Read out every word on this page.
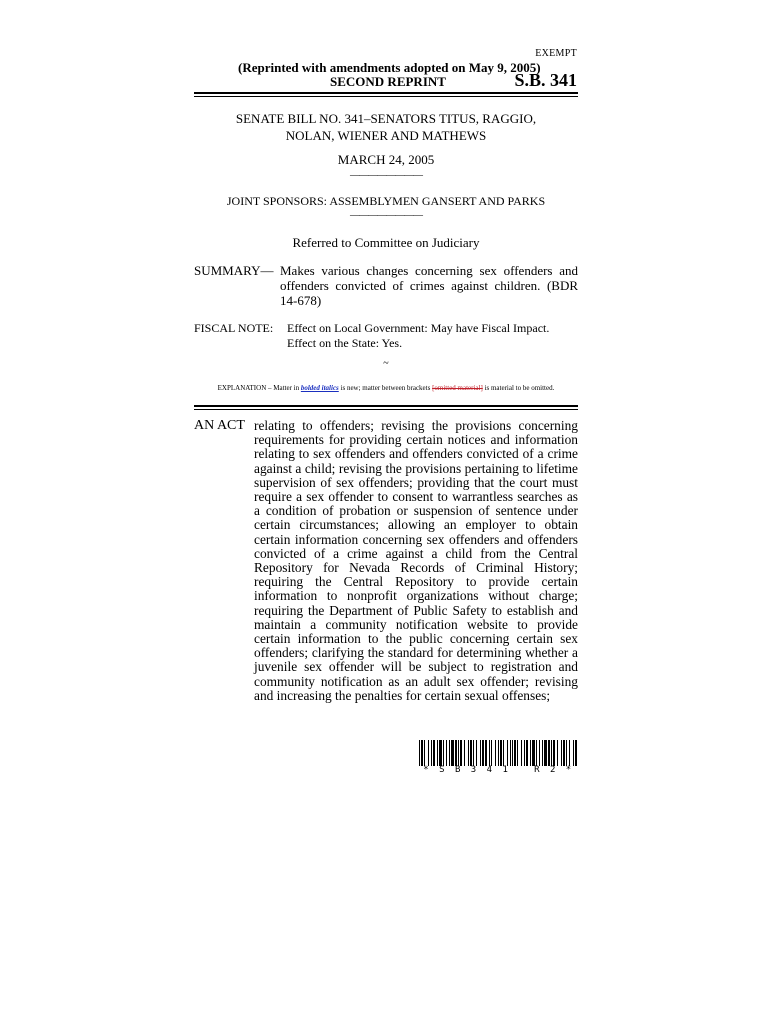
EXEMPT
(Reprinted with amendments adopted on May 9, 2005)
SECOND REPRINT	S.B. 341
SENATE BILL NO. 341–SENATORS TITUS, RAGGIO,
NOLAN, WIENER AND MATHEWS
MARCH 24, 2005
————————
JOINT SPONSORS: ASSEMBLYMEN GANSERT AND PARKS
————————
Referred to Committee on Judiciary
SUMMARY— Makes various changes concerning sex offenders and offenders convicted of crimes against children. (BDR 14-678)
FISCAL NOTE: Effect on Local Government: May have Fiscal Impact.
Effect on the State: Yes.
~
EXPLANATION – Matter in bolded italics is new; matter between brackets [omitted material] is material to be omitted.
AN ACT relating to offenders; revising the provisions concerning requirements for providing certain notices and information relating to sex offenders and offenders convicted of a crime against a child; revising the provisions pertaining to lifetime supervision of sex offenders; providing that the court must require a sex offender to consent to warrantless searches as a condition of probation or suspension of sentence under certain circumstances; allowing an employer to obtain certain information concerning sex offenders and offenders convicted of a crime against a child from the Central Repository for Nevada Records of Criminal History; requiring the Central Repository to provide certain information to nonprofit organizations without charge; requiring the Department of Public Safety to establish and maintain a community notification website to provide certain information to the public concerning certain sex offenders; clarifying the standard for determining whether a juvenile sex offender will be subject to registration and community notification as an adult sex offender; revising and increasing the penalties for certain sexual offenses;
* S B 3 4 1   R 2 *
